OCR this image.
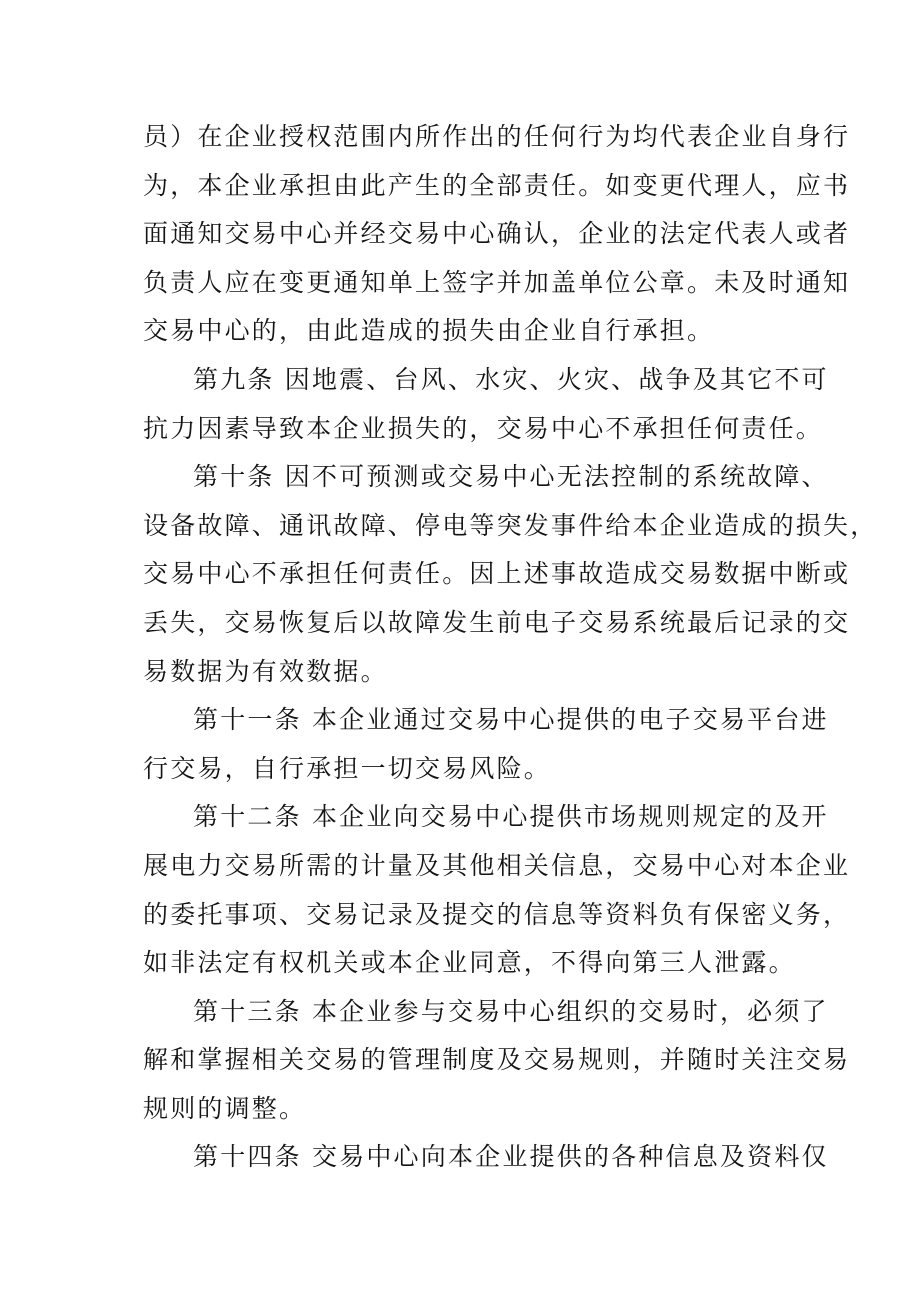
员）在企业授权范围内所作出的任何行为均代表企业自身行
为，本企业承担由此产生的全部责任。如变更代理人，应书
面通知交易中心并经交易中心确认，企业的法定代表人或者
负责人应在变更通知单上签字并加盖单位公章。未及时通知
交易中心的，由此造成的损失由企业自行承担。

第九条 因地震、台风、水灾、火灾、战争及其它不可
抗力因素导致本企业损失的，交易中心不承担任何责任。

第十条 因不可预测或交易中心无法控制的系统故障、
设备故障、通讯故障、停电等突发事件给本企业造成的损失，
交易中心不承担任何责任。因上述事故造成交易数据中断或
丢失，交易恢复后以故障发生前电子交易系统最后记录的交
易数据为有效数据。

第十一条 本企业通过交易中心提供的电子交易平台进
行交易，自行承担一切交易风险。

第十二条 本企业向交易中心提供市场规则规定的及开
展电力交易所需的计量及其他相关信息，交易中心对本企业
的委托事项、交易记录及提交的信息等资料负有保密义务，
如非法定有权机关或本企业同意，不得向第三人泄露。

第十三条 本企业参与交易中心组织的交易时，必须了
解和掌握相关交易的管理制度及交易规则，并随时关注交易
规则的调整。

第十四条 交易中心向本企业提供的各种信息及资料仅
